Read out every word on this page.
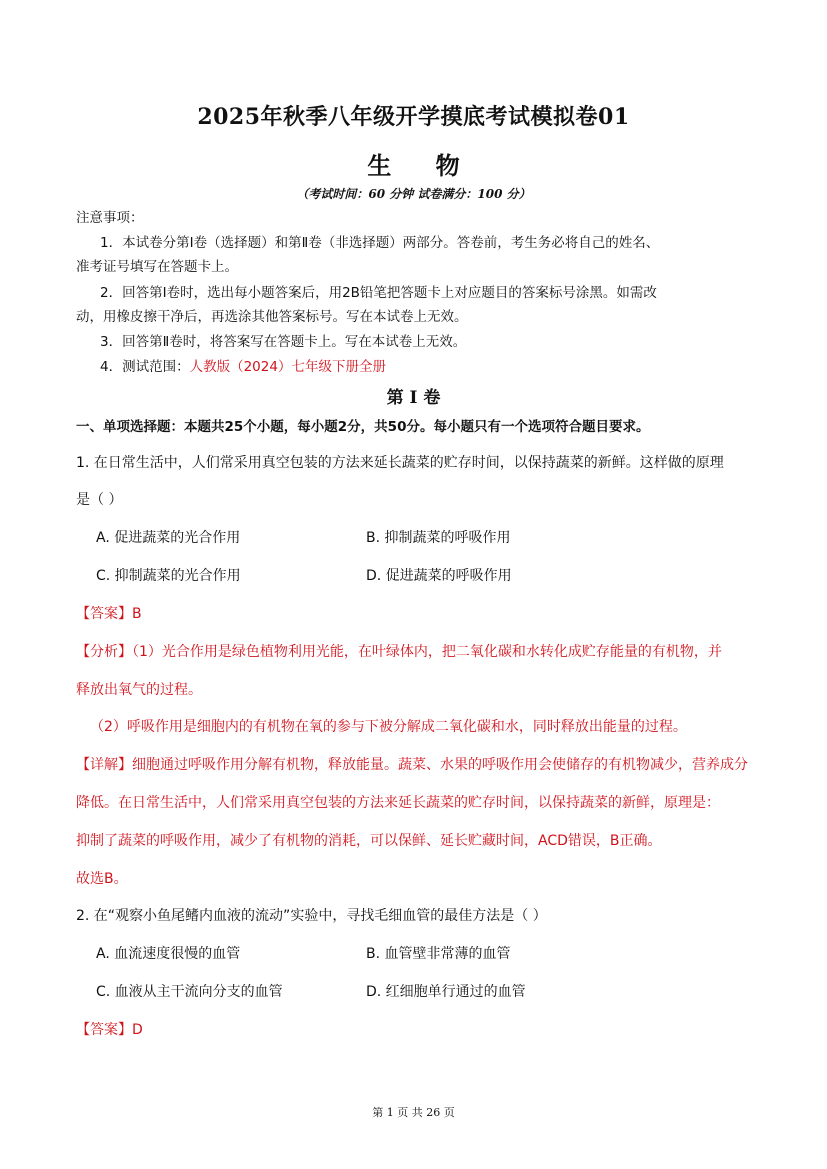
2025年秋季八年级开学摸底考试模拟卷01
生 物
（考试时间：60 分钟 试卷满分：100 分）
注意事项：
1．本试卷分第Ⅰ卷（选择题）和第Ⅱ卷（非选择题）两部分。答卷前，考生务必将自己的姓名、
准考证号填写在答题卡上。
2．回答第Ⅰ卷时，选出每小题答案后，用2B铅笔把答题卡上对应题目的答案标号涂黑。如需改
动，用橡皮擦干净后，再选涂其他答案标号。写在本试卷上无效。
3．回答第Ⅱ卷时，将答案写在答题卡上。写在本试卷上无效。
4．测试范围：人教版（2024）七年级下册全册
第 I 卷
一、单项选择题：本题共25个小题，每小题2分，共50分。每小题只有一个选项符合题目要求。
1. 在日常生活中，人们常采用真空包装的方法来延长蔬菜的贮存时间，以保持蔬菜的新鲜。这样做的原理
是（ ）
A. 促进蔬菜的光合作用	B. 抑制蔬菜的呼吸作用
C. 抑制蔬菜的光合作用	D. 促进蔬菜的呼吸作用
【答案】B
【分析】（1）光合作用是绿色植物利用光能，在叶绿体内，把二氧化碳和水转化成贮存能量的有机物，并
释放出氧气的过程。
（2）呼吸作用是细胞内的有机物在氧的参与下被分解成二氧化碳和水，同时释放出能量的过程。
【详解】细胞通过呼吸作用分解有机物，释放能量。蔬菜、水果的呼吸作用会使储存的有机物减少，营养成分
降低。在日常生活中，人们常采用真空包装的方法来延长蔬菜的贮存时间，以保持蔬菜的新鲜，原理是：
抑制了蔬菜的呼吸作用，减少了有机物的消耗，可以保鲜、延长贮藏时间，ACD错误，B正确。
故选B。
2. 在“观察小鱼尾鳍内血液的流动”实验中，寻找毛细血管的最佳方法是（ ）
A. 血流速度很慢的血管	B. 血管壁非常薄的血管
C. 血液从主干流向分支的血管	D. 红细胞单行通过的血管
【答案】D
第 1 页 共 26 页
